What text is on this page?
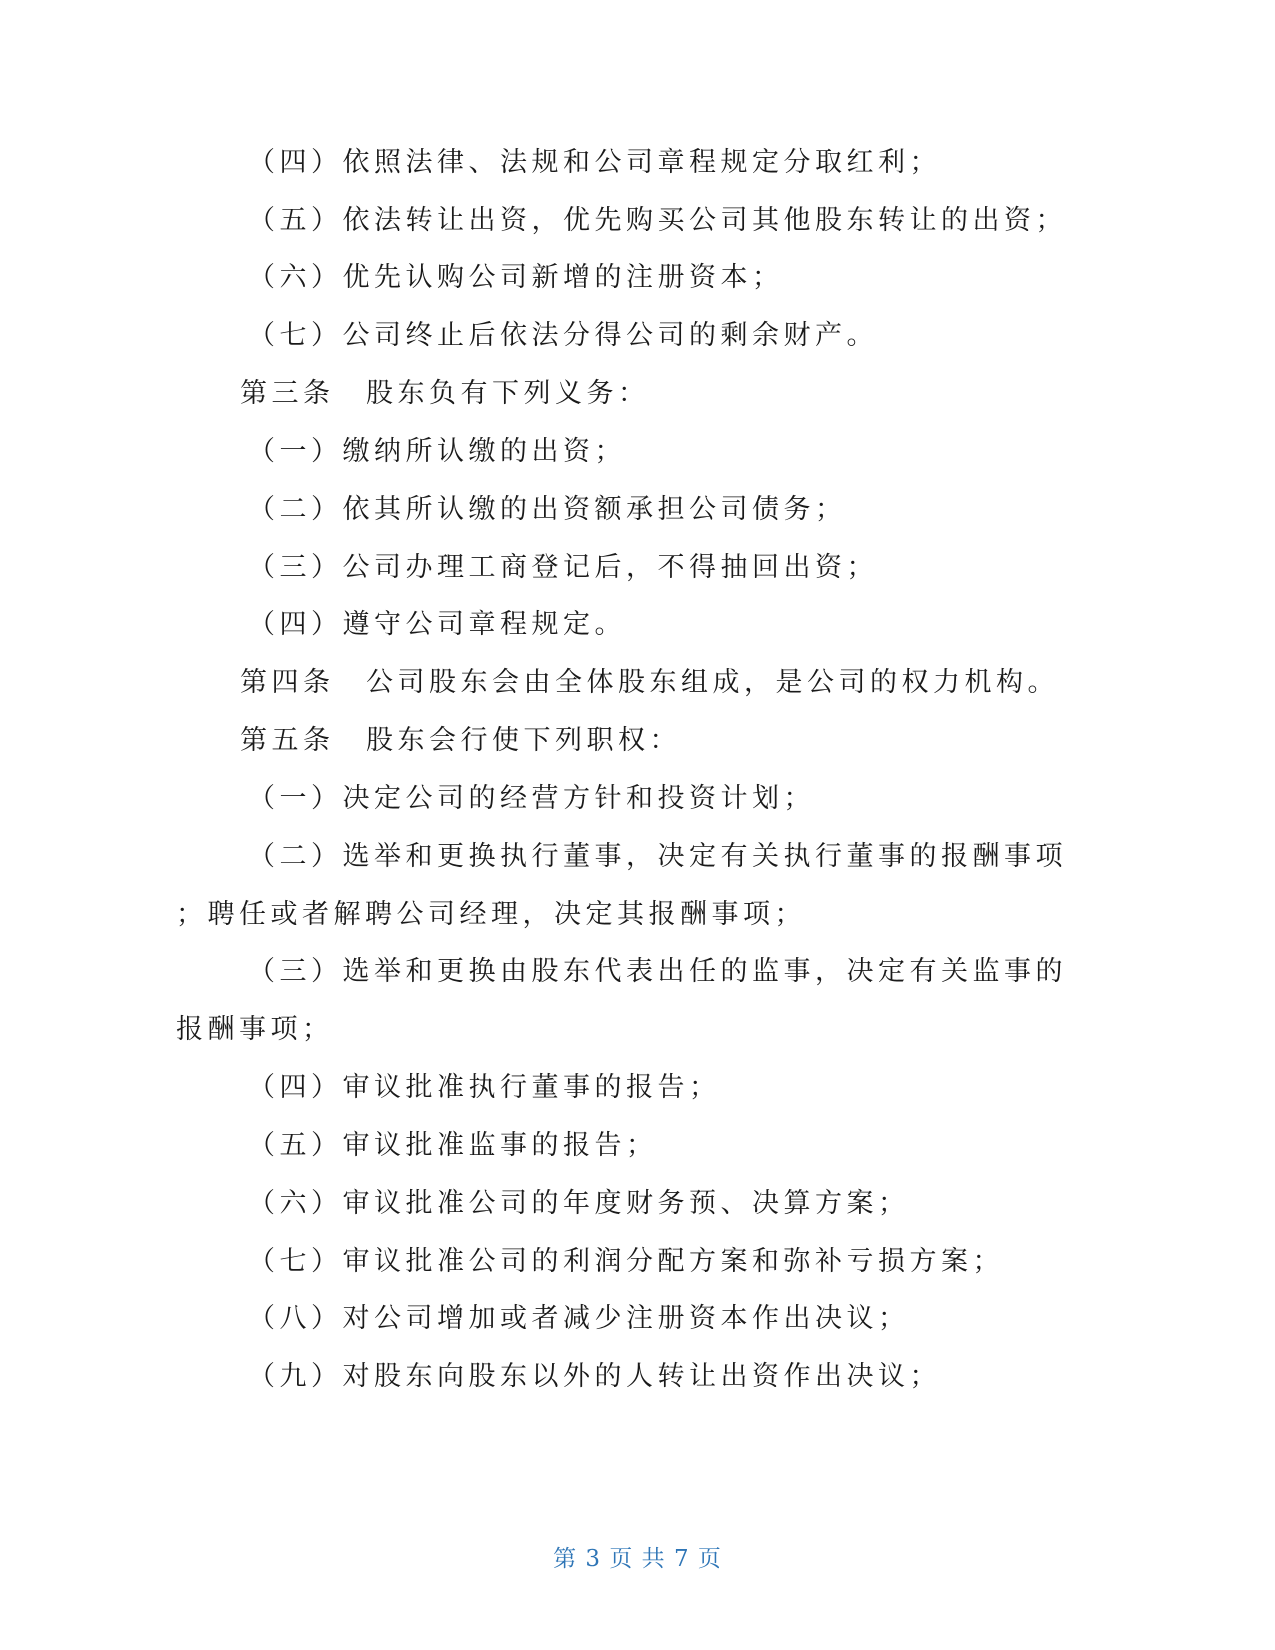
（四）依照法律、法规和公司章程规定分取红利；
（五）依法转让出资，优先购买公司其他股东转让的出资；
（六）优先认购公司新增的注册资本；
（七）公司终止后依法分得公司的剩余财产。
第三条　股东负有下列义务：
（一）缴纳所认缴的出资；
（二）依其所认缴的出资额承担公司债务；
（三）公司办理工商登记后，不得抽回出资；
（四）遵守公司章程规定。
第四条　公司股东会由全体股东组成，是公司的权力机构。
第五条　股东会行使下列职权：
（一）决定公司的经营方针和投资计划；
（二）选举和更换执行董事，决定有关执行董事的报酬事项
；聘任或者解聘公司经理，决定其报酬事项；
（三）选举和更换由股东代表出任的监事，决定有关监事的
报酬事项；
（四）审议批准执行董事的报告；
（五）审议批准监事的报告；
（六）审议批准公司的年度财务预、决算方案；
（七）审议批准公司的利润分配方案和弥补亏损方案；
（八）对公司增加或者减少注册资本作出决议；
（九）对股东向股东以外的人转让出资作出决议；
第 3 页 共 7 页
